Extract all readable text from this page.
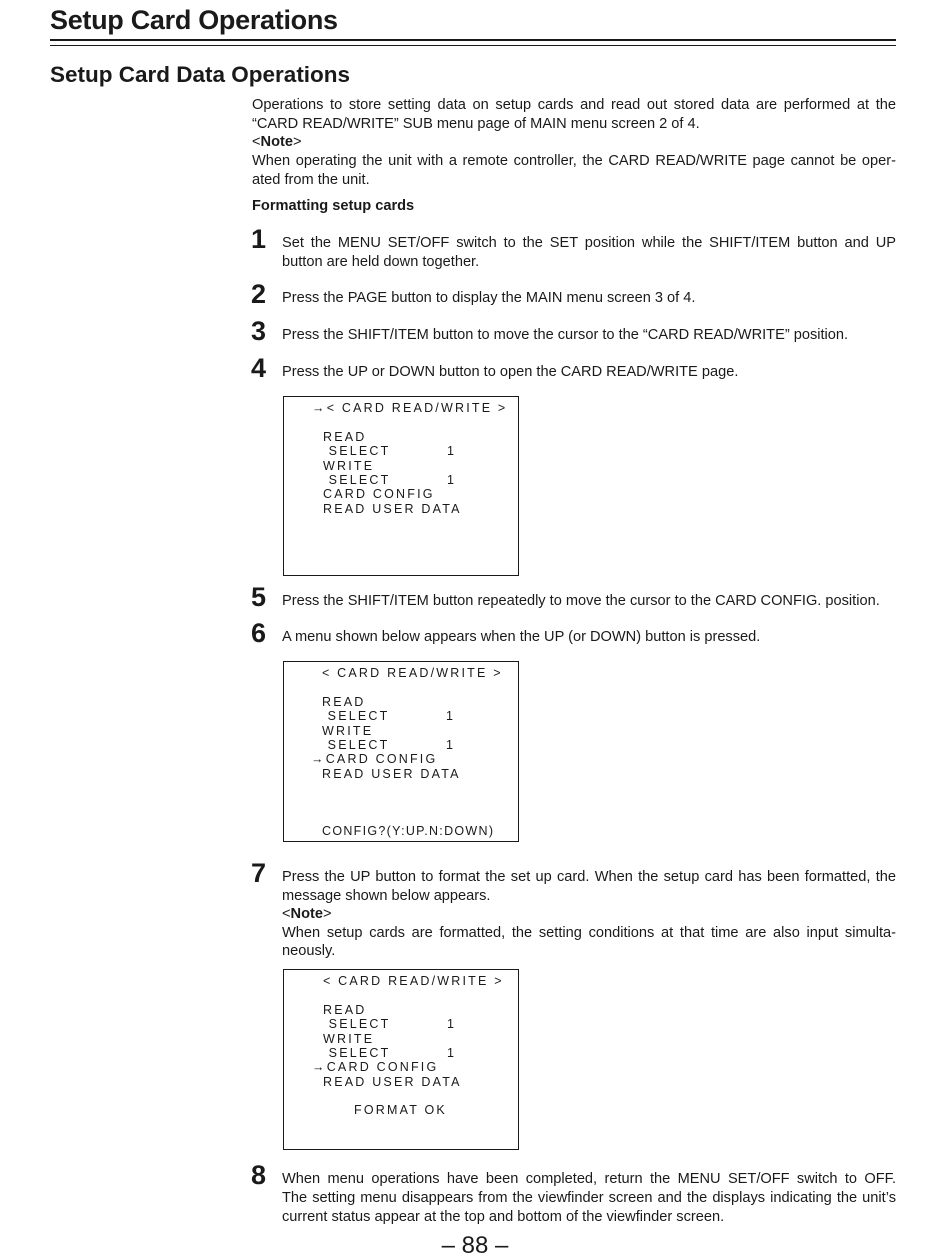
Setup Card Operations
Setup Card Data Operations

Operations to store setting data on setup cards and read out stored data are performed at the

“CARD READ/WRITE” SUB menu page of MAIN menu screen 2 of 4.

<Note>

When operating the unit with a remote controller, the CARD READ/WRITE page cannot be oper-

ated from the unit.

Formatting setup cards

1 Set the MENU SET/OFF switch to the SET position while the SHIFT/ITEM button and UP

button are held down together.

2 Press the PAGE button to display the MAIN menu screen 3 of 4.

3 Press the SHIFT/ITEM button to move the cursor to the “CARD READ/WRITE” position.

4 Press the UP or DOWN button to open the CARD READ/WRITE page.

→< CARD READ/WRITE >

READ

SELECT          1

WRITE

SELECT          1

CARD CONFIG

READ USER DATA

5 Press the SHIFT/ITEM button repeatedly to move the cursor to the CARD CONFIG. position.

6 A menu shown below appears when the UP (or DOWN) button is pressed.

< CARD READ/WRITE >

READ

SELECT          1

WRITE

SELECT          1

→CARD CONFIG

READ USER DATA

CONFIG?(Y:UP.N:DOWN)

7 Press the UP button to format the set up card. When the setup card has been formatted, the

message shown below appears.

<Note>

When setup cards are formatted, the setting conditions at that time are also input simulta-

neously.

< CARD READ/WRITE >

READ

SELECT          1

WRITE

SELECT          1

→CARD CONFIG

READ USER DATA

FORMAT OK

8 When menu operations have been completed, return the MENU SET/OFF switch to OFF.

The setting menu disappears from the viewfinder screen and the displays indicating the unit’s

current status appear at the top and bottom of the viewfinder screen.

– 88 –
